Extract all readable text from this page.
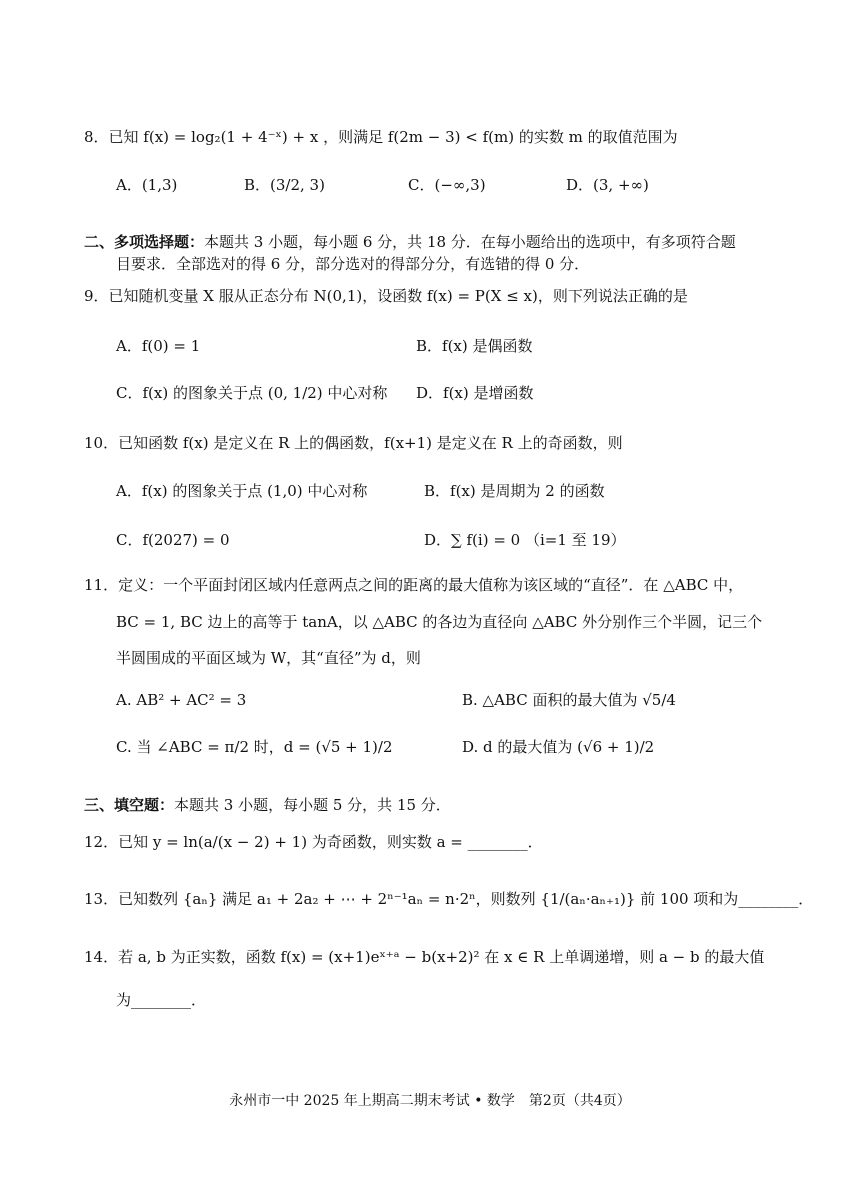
8．已知 f(x) = log₂(1 + 4⁻ˣ) + x ，则满足 f(2m − 3) < f(m) 的实数 m 的取值范围为
A．(1,3)	B．(3/2, 3)	C．(−∞,3)	D．(3, +∞)
二、多项选择题：本题共 3 小题，每小题 6 分，共 18 分．在每小题给出的选项中，有多项符合题
目要求．全部选对的得 6 分，部分选对的得部分分，有选错的得 0 分．
9．已知随机变量 X 服从正态分布 N(0,1)，设函数 f(x) = P(X ≤ x)，则下列说法正确的是
A．f(0) = 1	B．f(x) 是偶函数
C．f(x) 的图象关于点 (0, 1/2) 中心对称 D．f(x) 是增函数
10．已知函数 f(x) 是定义在 R 上的偶函数，f(x+1) 是定义在 R 上的奇函数，则
A．f(x) 的图象关于点 (1,0) 中心对称	B．f(x) 是周期为 2 的函数
C．f(2027) = 0	D．∑ f(i) = 0 （i=1 至 19）
11．定义：一个平面封闭区域内任意两点之间的距离的最大值称为该区域的“直径”．在 △ABC 中，
BC = 1, BC 边上的高等于 tanA，以 △ABC 的各边为直径向 △ABC 外分别作三个半圆，记三个
半圆围成的平面区域为 W，其“直径”为 d，则
A. AB² + AC² = 3	B. △ABC 面积的最大值为 √5/4
C. 当 ∠ABC = π/2 时，d = (√5 + 1)/2	D. d 的最大值为 (√6 + 1)/2
三、填空题：本题共 3 小题，每小题 5 分，共 15 分．
12．已知 y = ln(a/(x − 2) + 1) 为奇函数，则实数 a = ________．
13．已知数列 {aₙ} 满足 a₁ + 2a₂ + ⋯ + 2ⁿ⁻¹aₙ = n·2ⁿ，则数列 {1/(aₙ·aₙ₊₁)} 前 100 项和为________．
14．若 a, b 为正实数，函数 f(x) = (x+1)eˣ⁺ᵃ − b(x+2)² 在 x ∈ R 上单调递增，则 a − b 的最大值
为________．
永州市一中 2025 年上期高二期末考试 • 数学　第2页（共4页）
